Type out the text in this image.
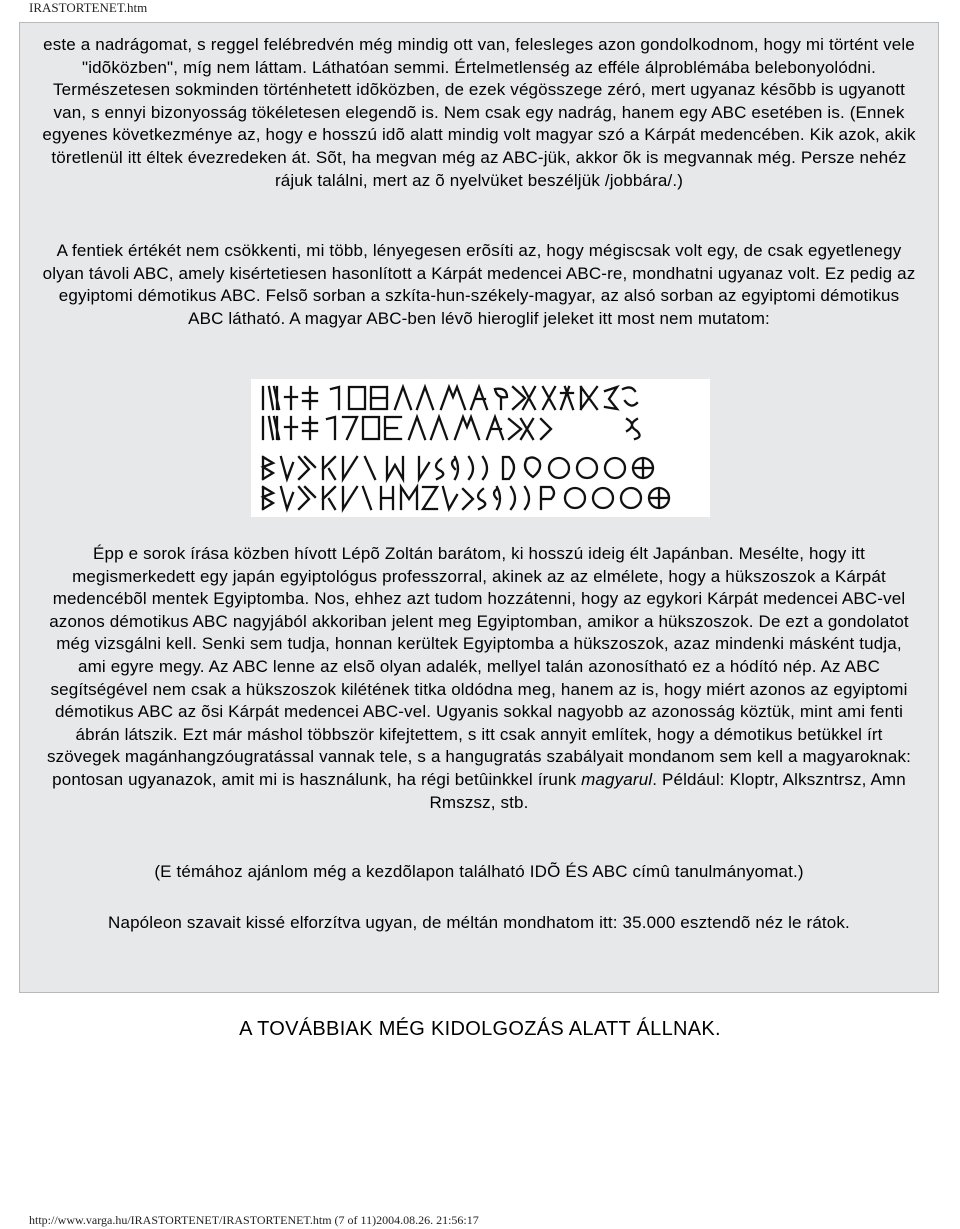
IRASTORTENET.htm

este a nadrágomat, s reggel felébredvén még mindig ott van, felesleges azon gondolkodnom, hogy mi történt vele "idõközben", míg nem láttam. Láthatóan semmi. Értelmetlenség az efféle álproblémába belebonyolódni. Természetesen sokminden történhetett idõközben, de ezek végösszege zéró, mert ugyanaz késõbb is ugyanott van, s ennyi bizonyosság tökéletesen elegendõ is. Nem csak egy nadrág, hanem egy ABC esetében is. (Ennek egyenes következménye az, hogy e hosszú idõ alatt mindig volt magyar szó a Kárpát medencében. Kik azok, akik töretlenül itt éltek évezredeken át. Sõt, ha megvan még az ABC-jük, akkor õk is megvannak még. Persze nehéz rájuk találni, mert az õ nyelvüket beszéljük /jobbára/.)

A fentiek értékét nem csökkenti, mi több, lényegesen erõsíti az, hogy mégiscsak volt egy, de csak egyetlenegy olyan távoli ABC, amely kisértetiesen hasonlított a Kárpát medencei ABC-re, mondhatni ugyanaz volt. Ez pedig az egyiptomi démotikus ABC. Felsõ sorban a szkíta-hun-székely-magyar, az alsó sorban az egyiptomi démotikus ABC látható. A magyar ABC-ben lévõ hieroglif jeleket itt most nem mutatom:

Épp e sorok írása közben hívott Lépõ Zoltán barátom, ki hosszú ideig élt Japánban. Mesélte, hogy itt megismerkedett egy japán egyiptológus professzorral, akinek az az elmélete, hogy a hükszoszok a Kárpát medencébõl mentek Egyiptomba. Nos, ehhez azt tudom hozzátenni, hogy az egykori Kárpát medencei ABC-vel azonos démotikus ABC nagyjából akkoriban jelent meg Egyiptomban, amikor a hükszoszok. De ezt a gondolatot még vizsgálni kell. Senki sem tudja, honnan kerültek Egyiptomba a hükszoszok, azaz mindenki másként tudja, ami egyre megy. Az ABC lenne az elsõ olyan adalék, mellyel talán azonosítható ez a hódító nép. Az ABC segítségével nem csak a hükszoszok kilétének titka oldódna meg, hanem az is, hogy miért azonos az egyiptomi démotikus ABC az õsi Kárpát medencei ABC-vel. Ugyanis sokkal nagyobb az azonosság köztük, mint ami fenti ábrán látszik. Ezt már máshol többször kifejtettem, s itt csak annyit említek, hogy a démotikus betükkel írt szövegek magánhangzóugratással vannak tele, s a hangugratás szabályait mondanom sem kell a magyaroknak: pontosan ugyanazok, amit mi is használunk, ha régi betûinkkel írunk magyarul. Például: Kloptr, Alkszntrsz, Amn Rmszsz, stb.

(E témához ajánlom még a kezdõlapon található IDÕ ÉS ABC címû tanulmányomat.)

Napóleon szavait kissé elforzítva ugyan, de méltán mondhatom itt: 35.000 esztendõ néz le rátok.

A TOVÁBBIAK MÉG KIDOLGOZÁS ALATT ÁLLNAK.

http://www.varga.hu/IRASTORTENET/IRASTORTENET.htm (7 of 11)2004.08.26. 21:56:17
